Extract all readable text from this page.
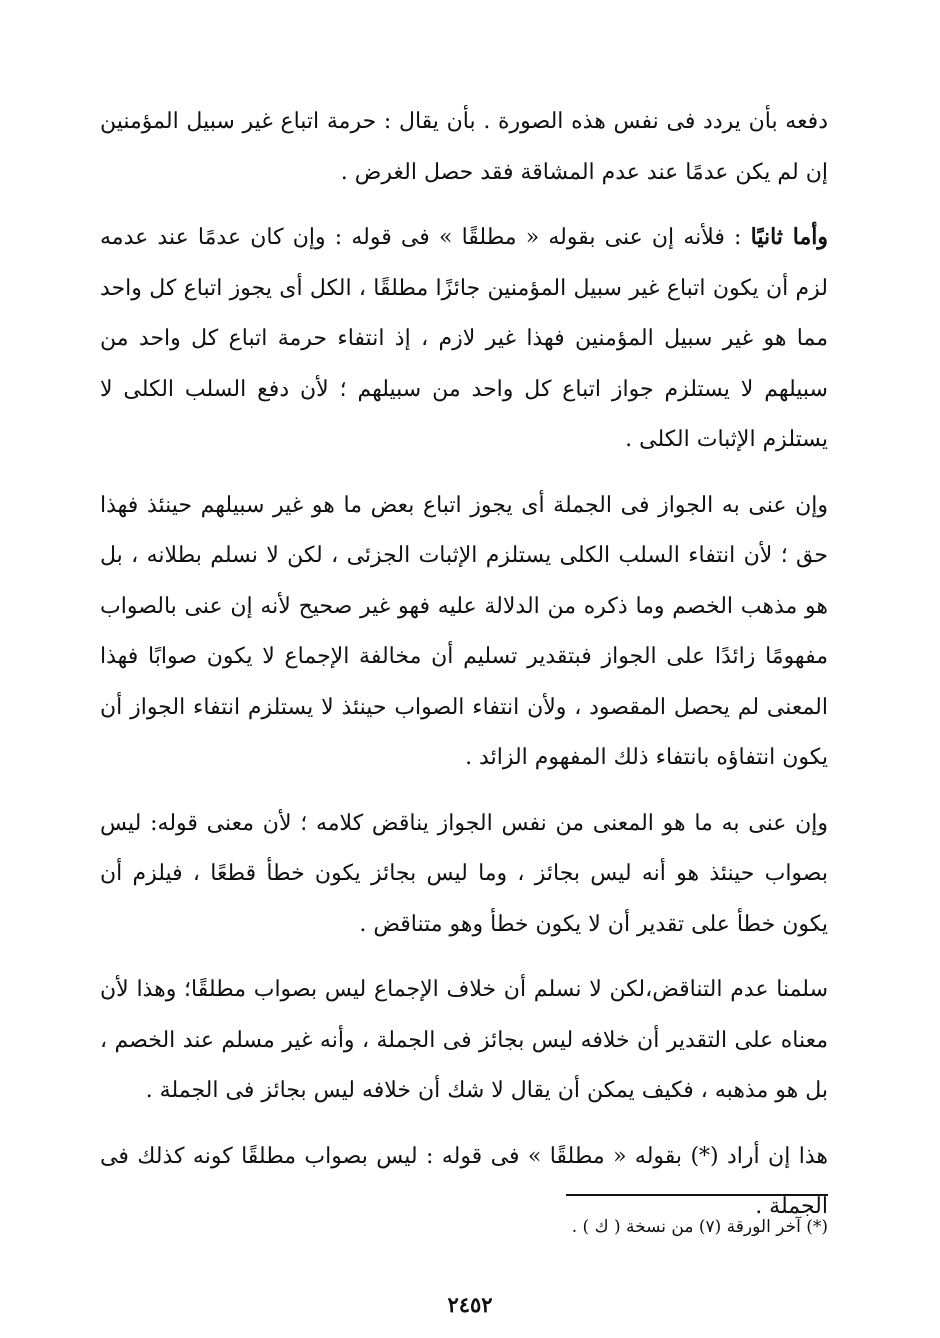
دفعه بأن يردد فى نفس هذه الصورة . بأن يقال : حرمة اتباع غير سبيل المؤمنين إن لم يكن عدمًا عند عدم المشاقة فقد حصل الغرض .

وأما ثانيًا : فلأنه إن عنى بقوله « مطلقًا » فى قوله : وإن كان عدمًا عند عدمه لزم أن يكون اتباع غير سبيل المؤمنين جائزًا مطلقًا ، الكل أى يجوز اتباع كل واحد مما هو غير سبيل المؤمنين فهذا غير لازم ، إذ انتفاء حرمة اتباع كل واحد من سبيلهم لا يستلزم جواز اتباع كل واحد من سبيلهم ؛ لأن دفع السلب الكلى لا يستلزم الإثبات الكلى .

وإن عنى به الجواز فى الجملة أى يجوز اتباع بعض ما هو غير سبيلهم حينئذ فهذا حق ؛ لأن انتفاء السلب الكلى يستلزم الإثبات الجزئى ، لكن لا نسلم بطلانه ، بل هو مذهب الخصم وما ذكره من الدلالة عليه فهو غير صحيح لأنه إن عنى بالصواب مفهومًا زائدًا على الجواز فبتقدير تسليم أن مخالفة الإجماع لا يكون صوابًا فهذا المعنى لم يحصل المقصود ، ولأن انتفاء الصواب حينئذ لا يستلزم انتفاء الجواز أن يكون انتفاؤه بانتفاء ذلك المفهوم الزائد .

وإن عنى به ما هو المعنى من نفس الجواز يناقض كلامه ؛ لأن معنى قوله: ليس بصواب حينئذ هو أنه ليس بجائز ، وما ليس بجائز يكون خطأ قطعًا ، فيلزم أن يكون خطأ على تقدير أن لا يكون خطأ وهو متناقض .

سلمنا عدم التناقض،لكن لا نسلم أن خلاف الإجماع ليس بصواب مطلقًا؛ وهذا لأن معناه على التقدير أن خلافه ليس بجائز فى الجملة ، وأنه غير مسلم عند الخصم ، بل هو مذهبه ، فكيف يمكن أن يقال لا شك أن خلافه ليس بجائز فى الجملة .

هذا إن أراد (*) بقوله « مطلقًا » فى قوله : ليس بصواب مطلقًا كونه كذلك فى الجملة .

(*) آخر الورقة (٧) من نسخة ( ك ) .
٢٤٥٢
